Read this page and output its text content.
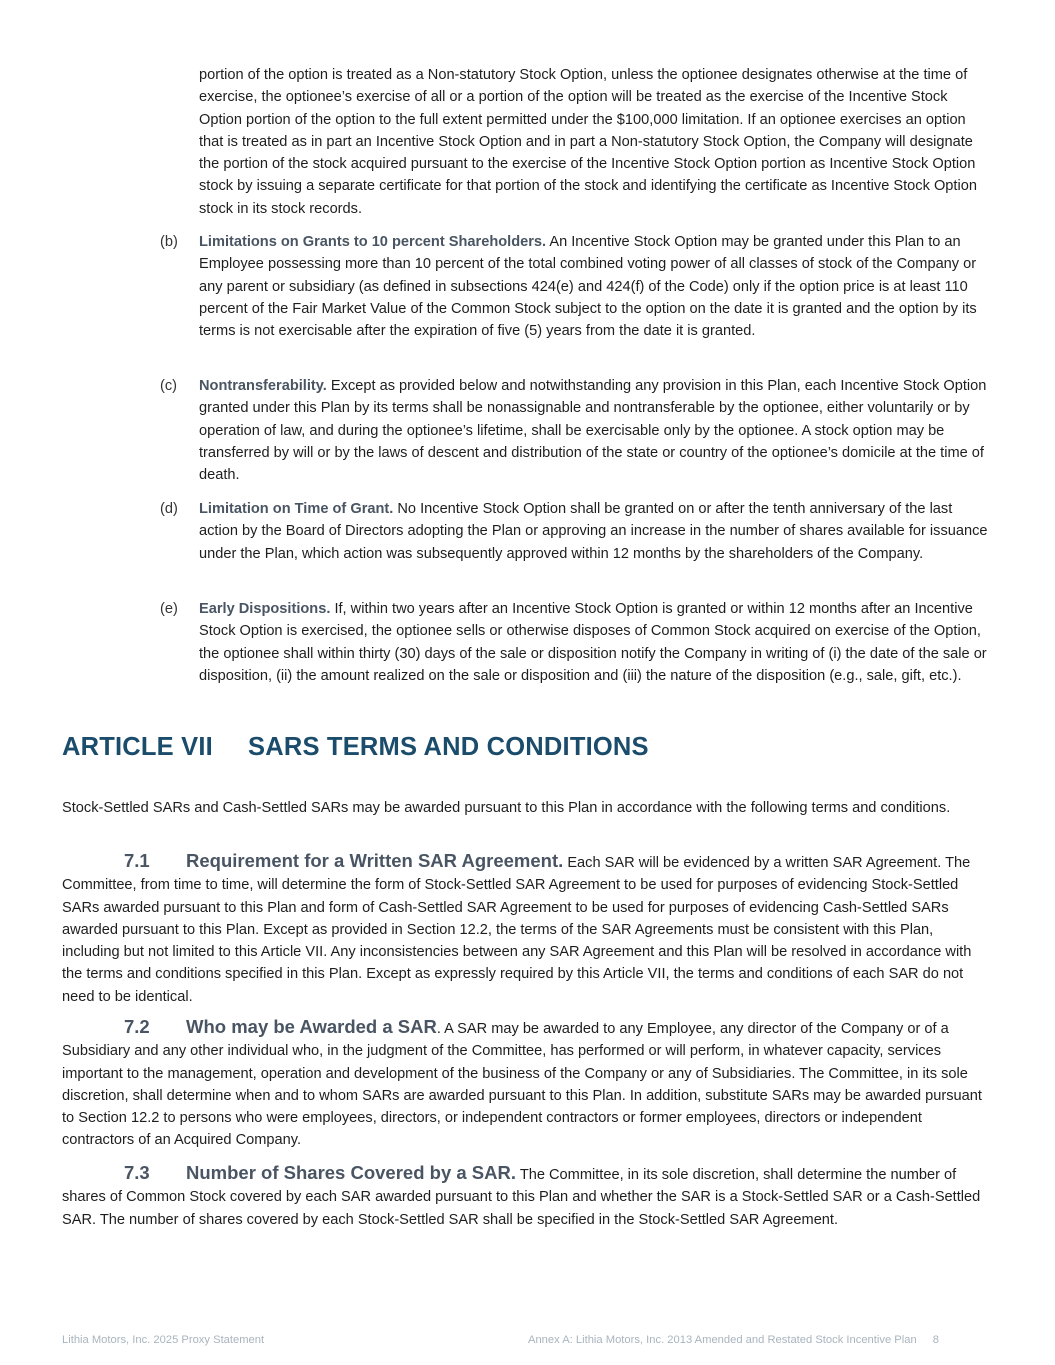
portion of the option is treated as a Non-statutory Stock Option, unless the optionee designates otherwise at the time of exercise, the optionee’s exercise of all or a portion of the option will be treated as the exercise of the Incentive Stock Option portion of the option to the full extent permitted under the $100,000 limitation. If an optionee exercises an option that is treated as in part an Incentive Stock Option and in part a Non-statutory Stock Option, the Company will designate the portion of the stock acquired pursuant to the exercise of the Incentive Stock Option portion as Incentive Stock Option stock by issuing a separate certificate for that portion of the stock and identifying the certificate as Incentive Stock Option stock in its stock records.

(b) Limitations on Grants to 10 percent Shareholders. An Incentive Stock Option may be granted under this Plan to an Employee possessing more than 10 percent of the total combined voting power of all classes of stock of the Company or any parent or subsidiary (as defined in subsections 424(e) and 424(f) of the Code) only if the option price is at least 110 percent of the Fair Market Value of the Common Stock subject to the option on the date it is granted and the option by its terms is not exercisable after the expiration of five (5) years from the date it is granted.
(c) Nontransferability. Except as provided below and notwithstanding any provision in this Plan, each Incentive Stock Option granted under this Plan by its terms shall be nonassignable and nontransferable by the optionee, either voluntarily or by operation of law, and during the optionee’s lifetime, shall be exercisable only by the optionee. A stock option may be transferred by will or by the laws of descent and distribution of the state or country of the optionee’s domicile at the time of death.
(d) Limitation on Time of Grant. No Incentive Stock Option shall be granted on or after the tenth anniversary of the last action by the Board of Directors adopting the Plan or approving an increase in the number of shares available for issuance under the Plan, which action was subsequently approved within 12 months by the shareholders of the Company.
(e) Early Dispositions. If, within two years after an Incentive Stock Option is granted or within 12 months after an Incentive Stock Option is exercised, the optionee sells or otherwise disposes of Common Stock acquired on exercise of the Option, the optionee shall within thirty (30) days of the sale or disposition notify the Company in writing of (i) the date of the sale or disposition, (ii) the amount realized on the sale or disposition and (iii) the nature of the disposition (e.g., sale, gift, etc.).
ARTICLE VII SARS TERMS AND CONDITIONS

Stock-Settled SARs and Cash-Settled SARs may be awarded pursuant to this Plan in accordance with the following terms and conditions.

7.1 Requirement for a Written SAR Agreement. Each SAR will be evidenced by a written SAR Agreement. The Committee, from time to time, will determine the form of Stock-Settled SAR Agreement to be used for purposes of evidencing Stock-Settled SARs awarded pursuant to this Plan and form of Cash-Settled SAR Agreement to be used for purposes of evidencing Cash-Settled SARs awarded pursuant to this Plan. Except as provided in Section 12.2, the terms of the SAR Agreements must be consistent with this Plan, including but not limited to this Article VII. Any inconsistencies between any SAR Agreement and this Plan will be resolved in accordance with the terms and conditions specified in this Plan. Except as expressly required by this Article VII, the terms and conditions of each SAR do not need to be identical.
7.2 Who may be Awarded a SAR. A SAR may be awarded to any Employee, any director of the Company or of a Subsidiary and any other individual who, in the judgment of the Committee, has performed or will perform, in whatever capacity, services important to the management, operation and development of the business of the Company or any of Subsidiaries. The Committee, in its sole discretion, shall determine when and to whom SARs are awarded pursuant to this Plan. In addition, substitute SARs may be awarded pursuant to Section 12.2 to persons who were employees, directors, or independent contractors or former employees, directors or independent contractors of an Acquired Company.
7.3 Number of Shares Covered by a SAR. The Committee, in its sole discretion, shall determine the number of shares of Common Stock covered by each SAR awarded pursuant to this Plan and whether the SAR is a Stock-Settled SAR or a Cash-Settled SAR. The number of shares covered by each Stock-Settled SAR shall be specified in the Stock-Settled SAR Agreement.
Lithia Motors, Inc. 2025 Proxy Statement	Annex A: Lithia Motors, Inc. 2013 Amended and Restated Stock Incentive Plan 8
